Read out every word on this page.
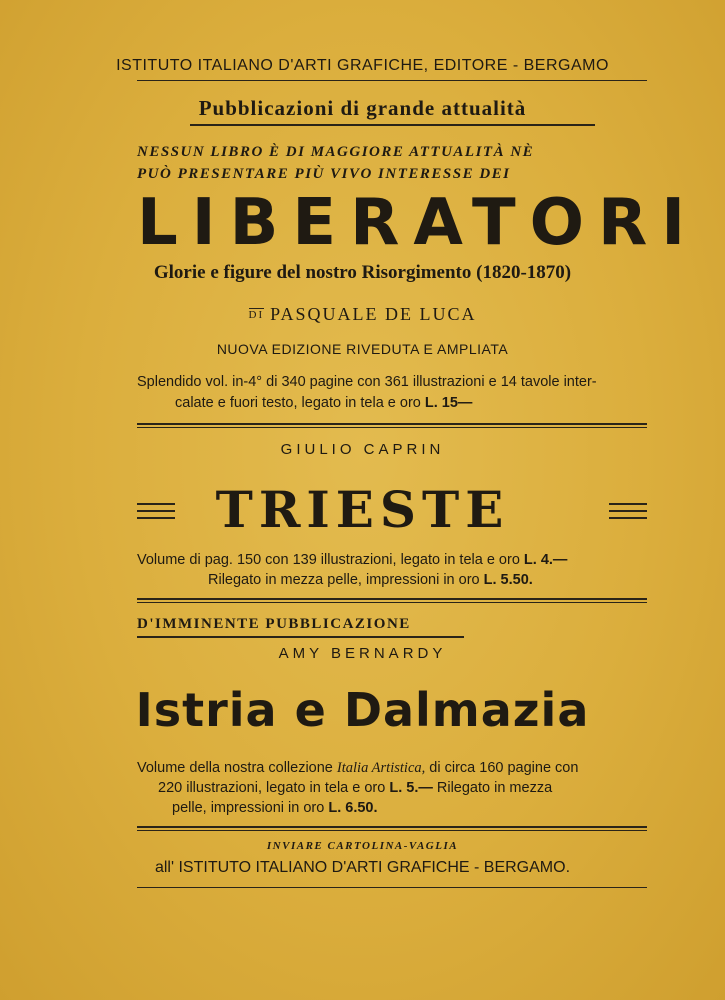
ISTITUTO ITALIANO D'ARTI GRAFICHE, EDITORE - BERGAMO
Pubblicazioni di grande attualità
NESSUN LIBRO È DI MAGGIORE ATTUALITÀ NÈ
PUÒ PRESENTARE PIÙ VIVO INTERESSE DEI
LIBERATORI
Glorie e figure del nostro Risorgimento (1820-1870)
DI PASQUALE DE LUCA
NUOVA EDIZIONE RIVEDUTA E AMPLIATA
Splendido vol. in-4° di 340 pagine con 361 illustrazioni e 14 tavole inter-
calate e fuori testo, legato in tela e oro L. 15—
GIULIO CAPRIN
TRIESTE
Volume di pag. 150 con 139 illustrazioni, legato in tela e oro L. 4.—
Rilegato in mezza pelle, impressioni in oro L. 5.50.
D'IMMINENTE PUBBLICAZIONE
AMY BERNARDY
Istria e Dalmazia
Volume della nostra collezione Italia Artistica, di circa 160 pagine con
220 illustrazioni, legato in tela e oro L. 5.— Rilegato in mezza
pelle, impressioni in oro L. 6.50.
INVIARE CARTOLINA-VAGLIA
all' ISTITUTO ITALIANO D'ARTI GRAFICHE - BERGAMO.
